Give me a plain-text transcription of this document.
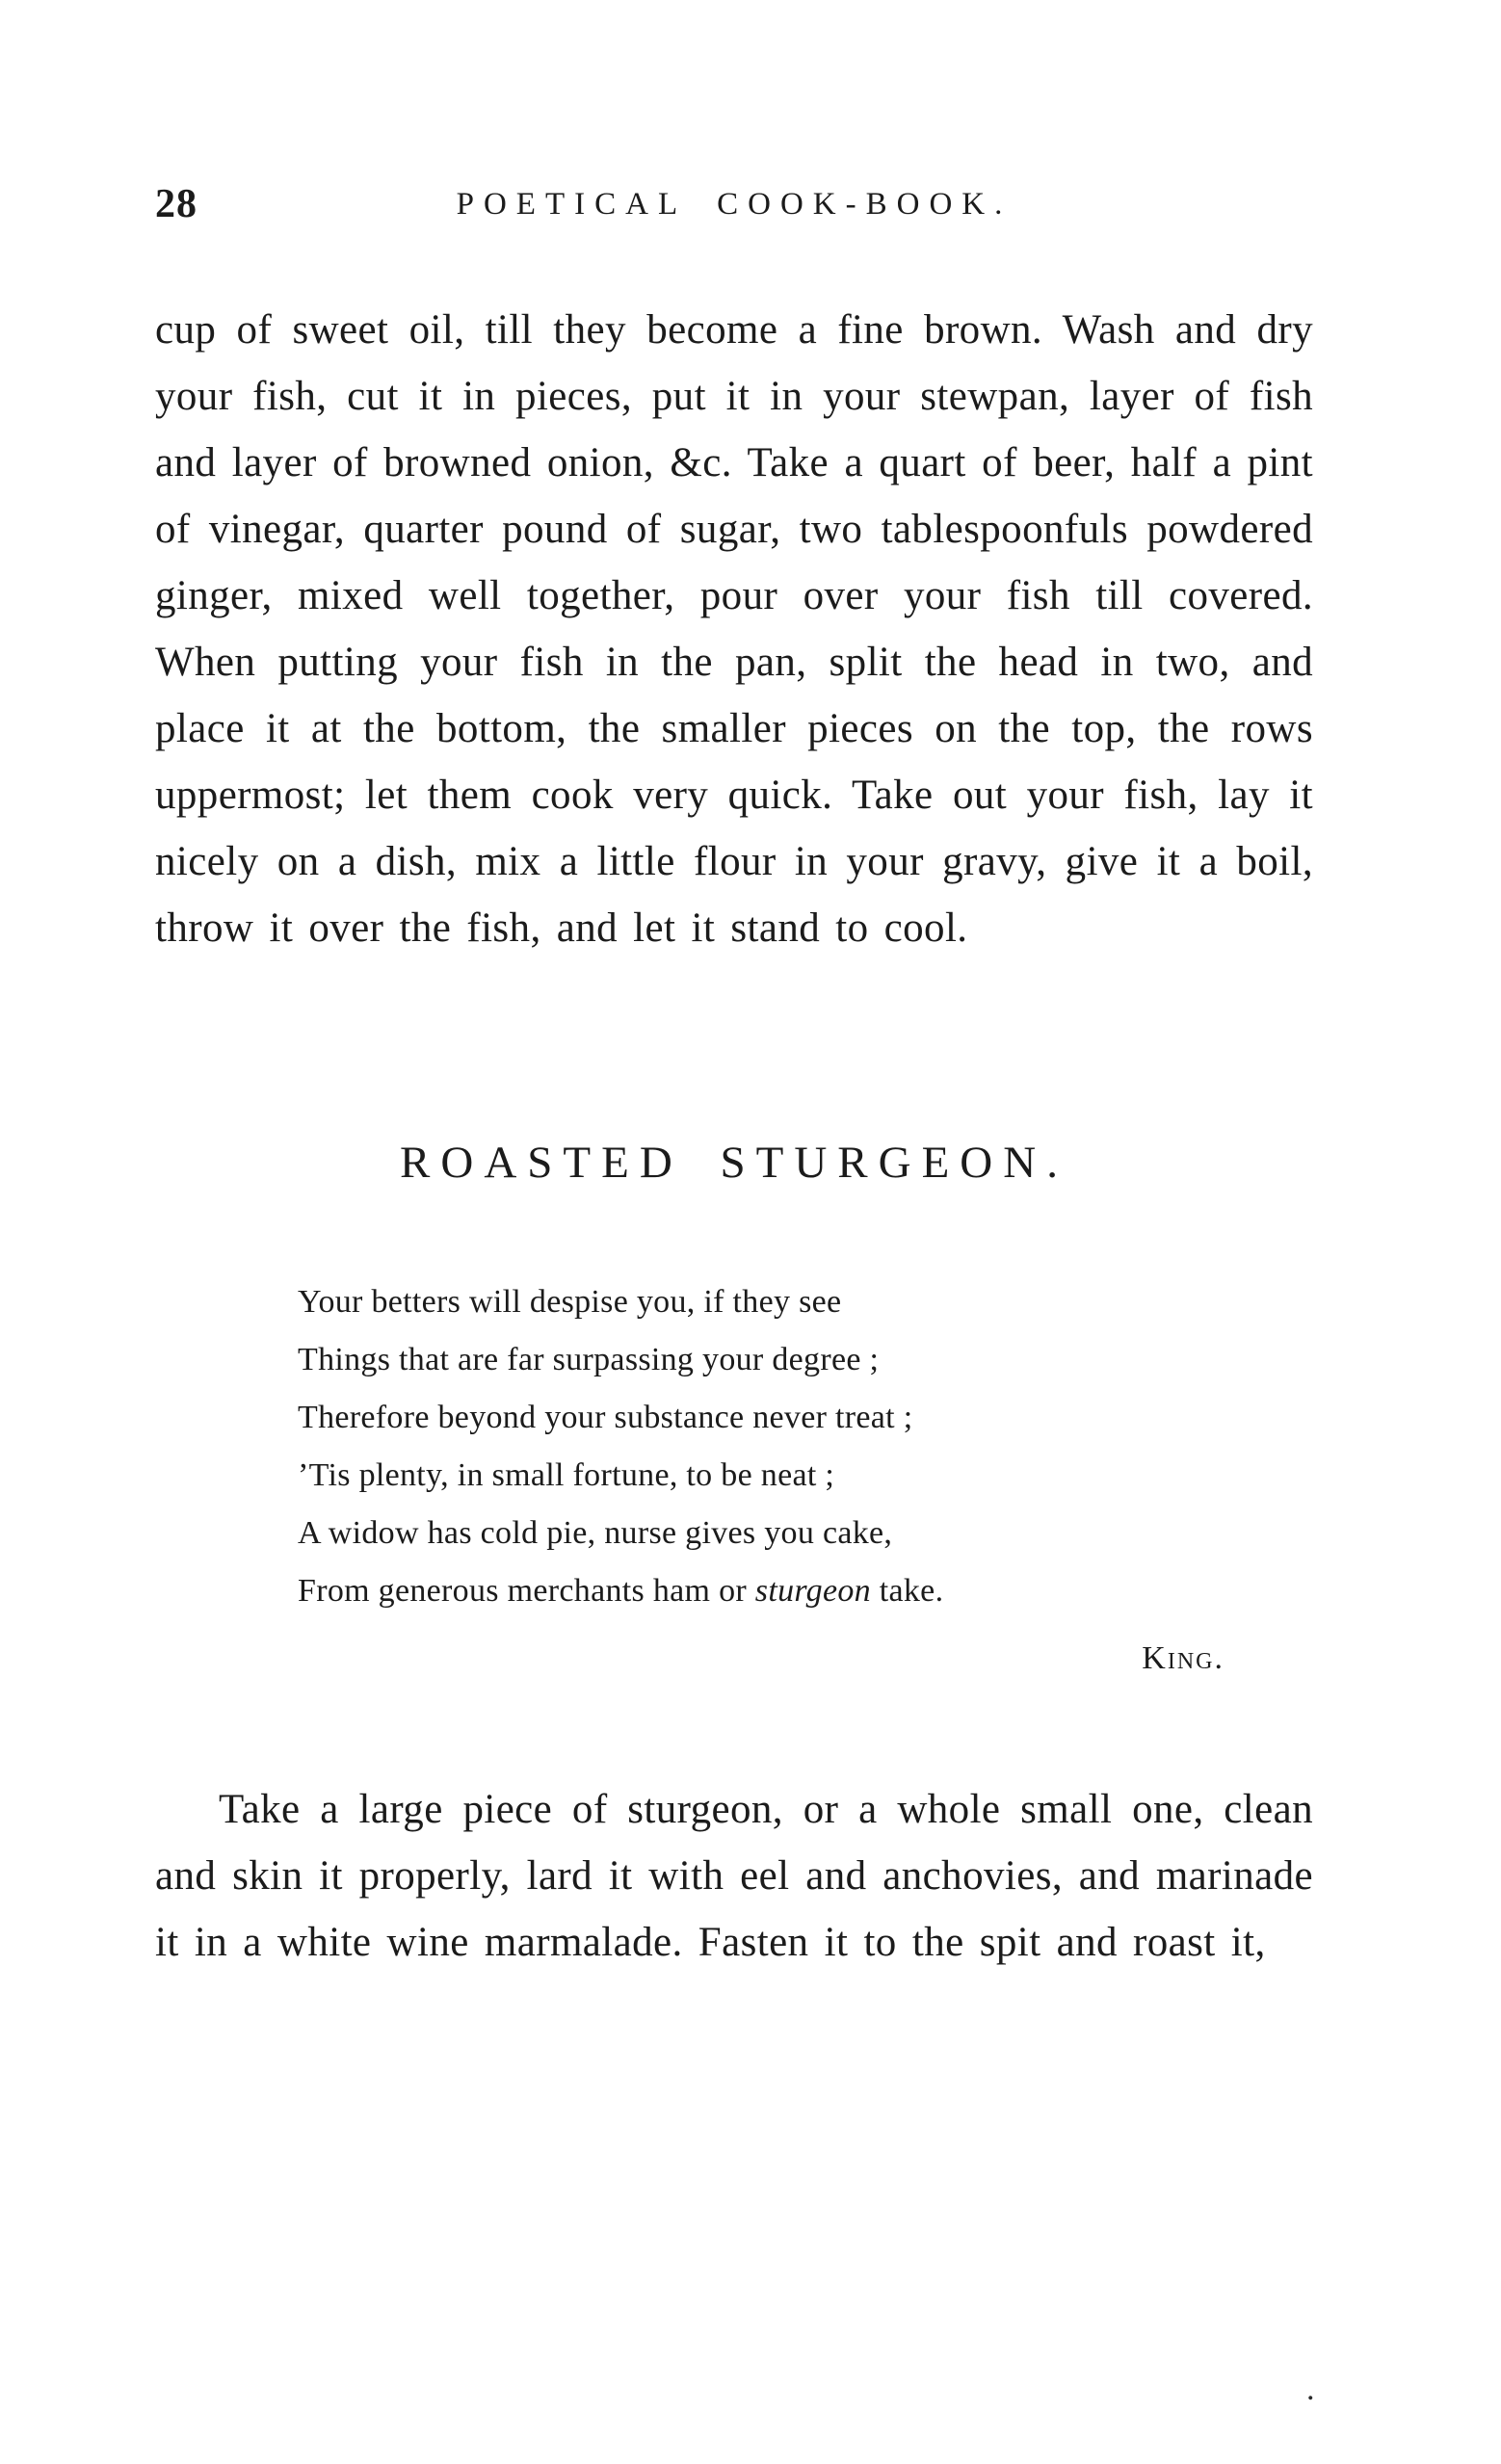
28	POETICAL COOK-BOOK.

cup of sweet oil, till they become a fine brown. Wash and dry your fish, cut it in pieces, put it in your stewpan, layer of fish and layer of browned onion, &c. Take a quart of beer, half a pint of vinegar, quarter pound of sugar, two tablespoonfuls powdered ginger, mixed well together, pour over your fish till covered. When putting your fish in the pan, split the head in two, and place it at the bottom, the smaller pieces on the top, the rows uppermost; let them cook very quick. Take out your fish, lay it nicely on a dish, mix a little flour in your gravy, give it a boil, throw it over the fish, and let it stand to cool.

ROASTED STURGEON.
Your betters will despise you, if they see
Things that are far surpassing your degree ;
Therefore beyond your substance never treat ;
’Tis plenty, in small fortune, to be neat ;
A widow has cold pie, nurse gives you cake,
From generous merchants ham or sturgeon take.
King.

Take a large piece of sturgeon, or a whole small one, clean and skin it properly, lard it with eel and anchovies, and marinade it in a white wine marmalade. Fasten it to the spit and roast it,

.
